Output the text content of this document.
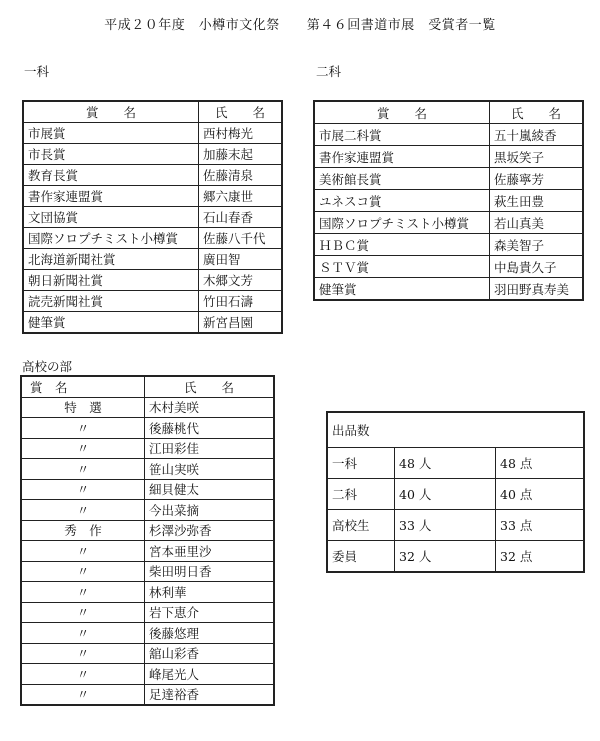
平成２０年度　小樽市文化祭　　第４６回書道市展　受賞者一覧
一科	二科
高校の部
賞　　名	氏　　名
市展賞	西村梅光
市長賞	加藤末起
教育長賞	佐藤清泉
書作家連盟賞	郷六康世
文団協賞	石山春香
国際ソロプチミスト小樽賞	佐藤八千代
北海道新聞社賞	廣田智
朝日新聞社賞	木郷文芳
読売新聞社賞	竹田石濤
健筆賞	新宮昌園
賞　　名	氏　　名
市展二科賞	五十嵐綾香
書作家連盟賞	黒坂笑子
美術館長賞	佐藤寧芳
ユネスコ賞	萩生田豊
国際ソロプチミスト小樽賞	若山真美
ＨＢＣ賞	森美智子
ＳＴＶ賞	中島貴久子
健筆賞	羽田野真寿美
賞　名	氏　　名
特　選	木村美咲
〃	後藤桃代
〃	江田彩佳
〃	笹山実咲
〃	細貝健太
〃	今出菜摘
秀　作	杉澤沙弥香
〃	宮本亜里沙
〃	柴田明日香
〃	林利華
〃	岩下恵介
〃	後藤悠理
〃	舘山彩香
〃	峰尾光人
〃	足達裕香
出品数		
一科	48 人	48 点
二科	40 人	40 点
高校生	33 人	33 点
委員	32 人	32 点
